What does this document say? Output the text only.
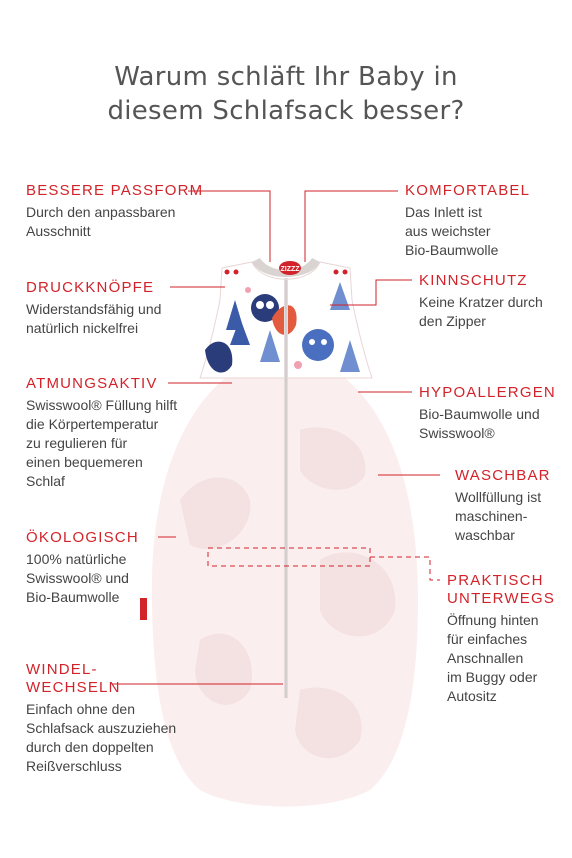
Warum schläft Ihr Baby in
diesem Schlafsack besser?
ZIZZZ
BESSERE PASSFORM
Durch den anpassbaren
Ausschnitt
DRUCKKNÖPFE
Widerstandsfähig und
natürlich nickelfrei
ATMUNGSAKTIV
Swisswool® Füllung hilft
die Körpertemperatur
zu regulieren für
einen bequemeren
Schlaf
ÖKOLOGISCH
100% natürliche
Swisswool® und
Bio-Baumwolle
WINDEL-
WECHSELN
Einfach ohne den
Schlafsack auszuziehen
durch den doppelten
Reißverschluss
KOMFORTABEL
Das Inlett ist
aus weichster
Bio-Baumwolle
KINNSCHUTZ
Keine Kratzer durch
den Zipper
HYPOALLERGEN
Bio-Baumwolle und
Swisswool®
WASCHBAR
Wollfüllung ist
maschinen-
waschbar
PRAKTISCH
UNTERWEGS
Öffnung hinten
für einfaches
Anschnallen
im Buggy oder
Autositz
